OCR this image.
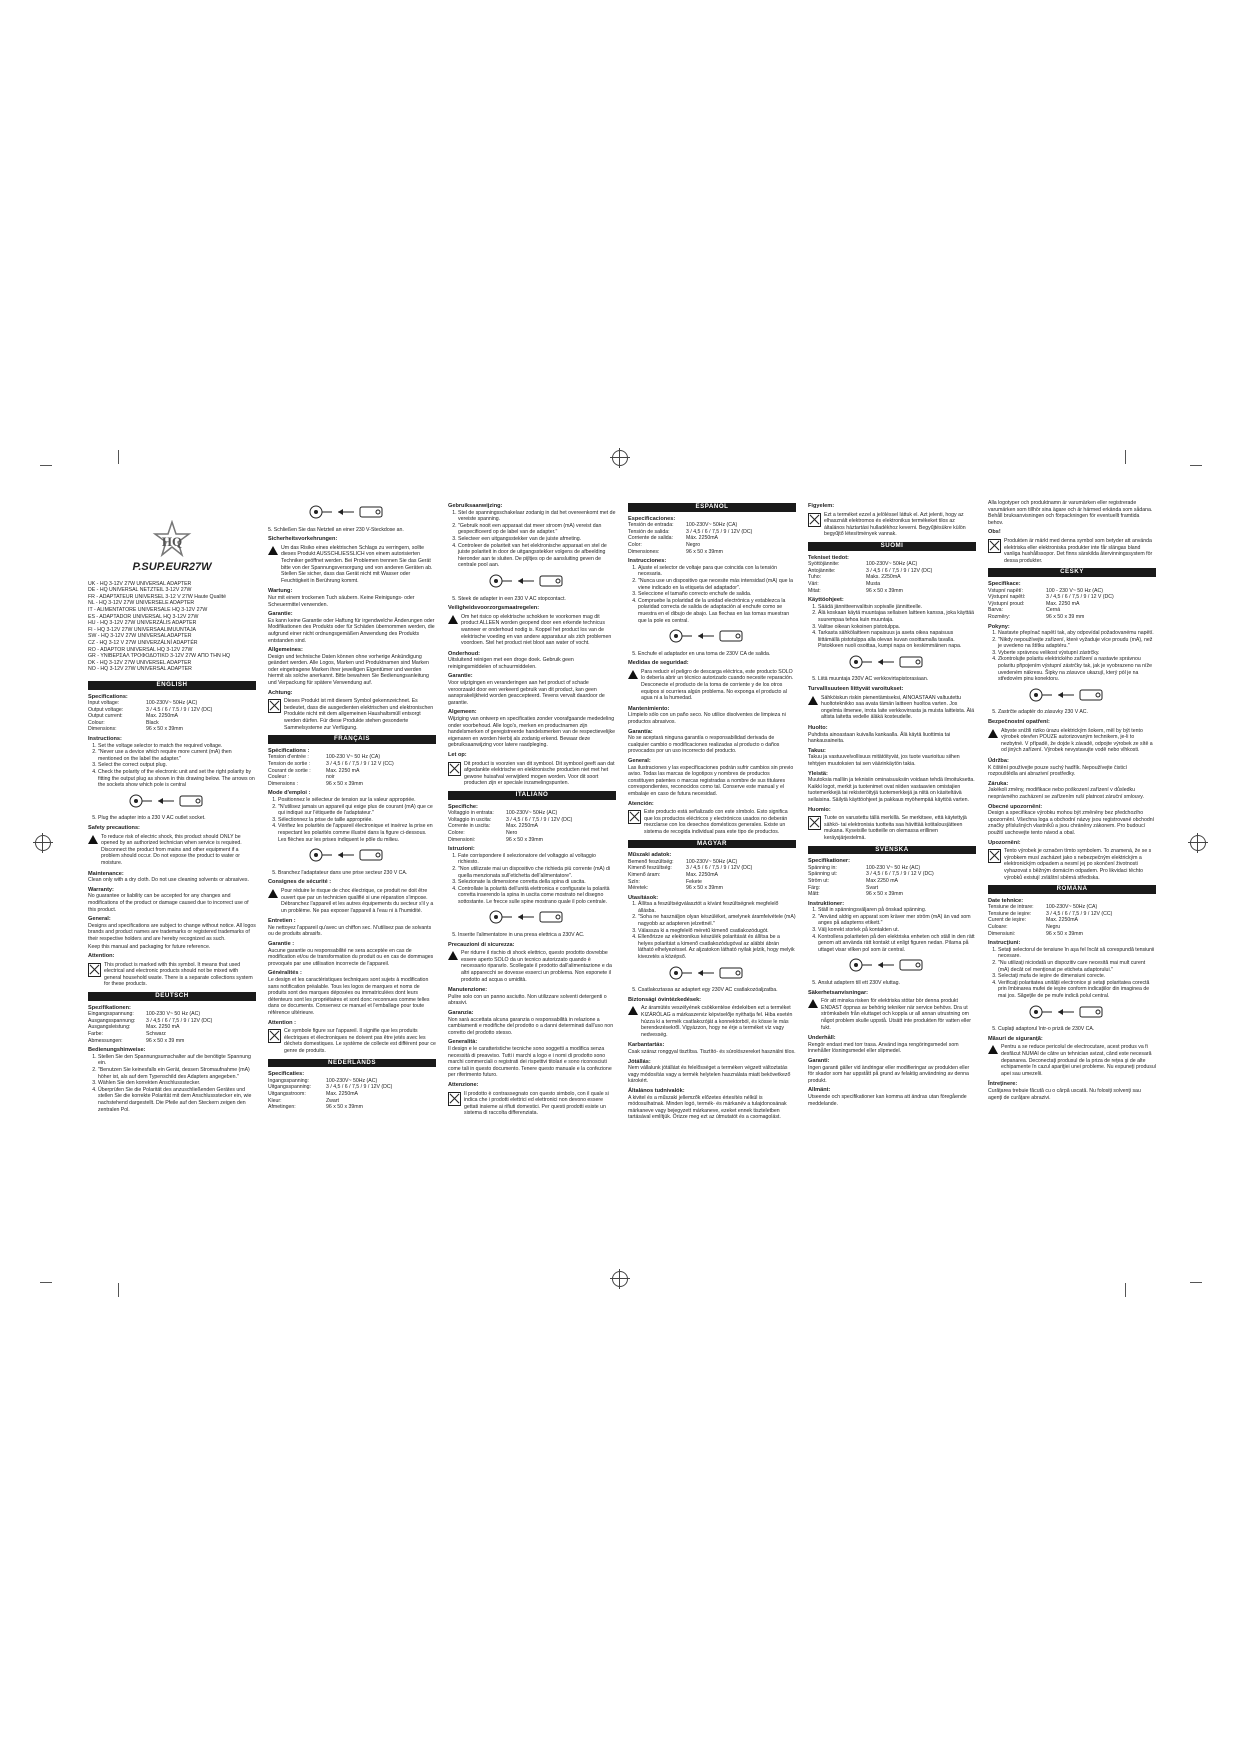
HQ
P.SUP.EUR27W
UK - HQ 3-12V 27W UNIVERSAL ADAPTER
DE - HQ UNIVERSAL NETZTEIL 3-12V 27W
FR - ADAPTATEUR UNIVERSEL 3-12 V 27W Haute Qualité
NL - HQ 3-12V 27W UNIVERSELE ADAPTER
IT - ALIMENTATORE UNIVERSALE HQ 3-12V 27W
ES - ADAPTADOR UNIVERSAL HQ 3-12V 27W
HU - HQ 3-12V 27W UNIVERZÁLIS ADAPTER
FI - HQ 3-12V 27W UNIVERSAALIMUUNTAJA
SW - HQ 3-12V 27W UNIVERSALADAPTER
CZ - HQ 3-12 V 27W UNIVERZÁLNÍ ADAPTÉR
RO - ADAPTOR UNIVERSAL HQ 3-12V 27W
GR - ΥΝΙΒΕΡΣΑΛ ΤΡΟΦΟΔΟΤΙΚΟ 3-12V 27W ΑΠΟ ΤΗΝ HQ
DK - HQ 3-12V 27W UNIVERSEL ADAPTER
NO - HQ 3-12V 27W UNIVERSAL ADAPTER
ENGLISH
Specifications:
Input voltage:	100-230V~ 50Hz (AC)
Output voltage:	3 / 4.5 / 6 / 7.5 / 9 / 12V (DC)
Output current:	Max. 2250mA
Colour:	Black
Dimensions:	96 x 50 x 39mm
Instructions:
1. Set the voltage selector to match the required voltage.
2. "Never use a device which require more current (mA) then mentioned on the label the adapter."
3. Select the correct output plug.
4. Check the polarity of the electronic unit and set the right polarity by fitting the output plug as shown in this drawing below. The arrows on the sockets show which pole is central
5. Plug the adapter into a 230 V AC outlet socket.
Safety precautions:

To reduce risk of electric shock, this product should ONLY be opened by an authorized technician when service is required. Disconnect the product from mains and other equipment if a problem should occur. Do not expose the product to water or moisture.

Maintenance:

Clean only with a dry cloth. Do not use cleaning solvents or abrasives.

Warranty:

No guarantee or liability can be accepted for any changes and modifications of the product or damage caused due to incorrect use of this product.

General:

Designs and specifications are subject to change without notice. All logos brands and product names are trademarks or registered trademarks of their respective holders and are hereby recognized as such.

Keep this manual and packaging for future reference.

Attention:

This product is marked with this symbol. It means that used electrical and electronic products should not be mixed with general household waste. There is a separate collections system for these products.

DEUTSCH
Spezifikationen:
Eingangsspannung:	100-230 V~ 50 Hz (AC)
Ausgangsspannung:	3 / 4,5 / 6 / 7,5 / 9 / 12V (DC)
Ausgangsleistung:	Max. 2250 mA
Farbe:	Schwarz
Abmessungen:	96 x 50 x 39 mm
Bedienungshinweise:
1. Stellen Sie den Spannungsumschalter auf die benötigte Spannung ein.
2. "Benutzen Sie keinesfalls ein Gerät, dessen Stromaufnahme (mA) höher ist, als auf dem Typenschild des Adapters angegeben."
3. Wählen Sie den korrekten Anschlussstecker.
4. Überprüfen Sie die Polarität des anzuschließenden Gerätes und stellen Sie die korrekte Polarität mit dem Anschlussstecker ein, wie nachstehend dargestellt. Die Pfeile auf den Steckern zeigen den zentralen Pol.

5. Schließen Sie das Netzteil an einer 230 V-Steckdose an.

Sicherheitsvorkehrungen:

Um das Risiko eines elektrischen Schlags zu verringern, sollte dieses Produkt AUSSCHLIESSLICH von einem autorisierten Techniker geöffnet werden. Bei Problemen trennen Sie das Gerät bitte von der Spannungsversorgung und von anderen Geräten ab. Stellen Sie sicher, dass das Gerät nicht mit Wasser oder Feuchtigkeit in Berührung kommt.

Wartung:

Nur mit einem trockenen Tuch säubern. Keine Reinigungs- oder Scheuermittel verwenden.

Garantie:

Es kann keine Garantie oder Haftung für irgendwelche Änderungen oder Modifikationen des Produkts oder für Schäden übernommen werden, die aufgrund einer nicht ordnungsgemäßen Anwendung des Produkts entstanden sind.

Allgemeines:

Design und technische Daten können ohne vorherige Ankündigung geändert werden. Alle Logos, Marken und Produktnamen sind Marken oder eingetragene Marken ihrer jeweiligen Eigentümer und werden hiermit als solche anerkannt. Bitte bewahren Sie Bedienungsanleitung und Verpackung für spätere Verwendung auf.

Achtung:

Dieses Produkt ist mit diesem Symbol gekennzeichnet. Es bedeutet, dass die ausgedienten elektrischen und elektronischen Produkte nicht mit dem allgemeinen Haushaltsmüll entsorgt werden dürfen. Für diese Produkte stehen gesonderte Sammelsysteme zur Verfügung.

FRANÇAIS
Spécifications :
Tension d'entrée :	100-230 V~ 50 Hz (CA)
Tension de sortie :	3 / 4,5 / 6 / 7,5 / 9 / 12 V (CC)
Courant de sortie :	Max. 2250 mA
Couleur :	noir
Dimensions :	96 x 50 x 39mm
Mode d'emploi :
1. Positionnez le sélecteur de tension sur la valeur appropriée.
2. "N'utilisez jamais un appareil qui exige plus de courant (mA) que ce qui indiqué sur l'étiquette de l'adaptateur."
3. Sélectionnez la prise de taille appropriée.
4. Vérifiez les polarités de l'appareil électronique et insérez la prise en respectant les polarités comme illustré dans la figure ci-dessous. Les flèches sur les prises indiquent le pôle du milieu.
5. Branchez l'adaptateur dans une prise secteur 230 V CA.
Consignes de sécurité :

Pour réduire le risque de choc électrique, ce produit ne doit être ouvert que par un technicien qualifié si une réparation s'impose. Débranchez l'appareil et les autres équipements du secteur s'il y a un problème. Ne pas exposer l'appareil à l'eau ni à l'humidité.

Entretien :

Ne nettoyez l'appareil qu'avec un chiffon sec. N'utilisez pas de solvants ou de produits abrasifs.

Garantie :

Aucune garantie ou responsabilité ne sera acceptée en cas de modification et/ou de transformation du produit ou en cas de dommages provoqués par une utilisation incorrecte de l'appareil.

Généralités :

Le design et les caractéristiques techniques sont sujets à modification sans notification préalable. Tous les logos de marques et noms de produits sont des marques déposées ou immatriculées dont leurs détenteurs sont les propriétaires et sont donc reconnues comme telles dans ce documents. Conservez ce manuel et l'emballage pour toute référence ultérieure.

Attention :

Ce symbole figure sur l'appareil. Il signifie que les produits électriques et électroniques ne doivent pas être jetés avec les déchets domestiques. Le système de collecte est différent pour ce genre de produits.

NEDERLANDS
Specificaties:
Ingangsspanning:	100-230V~ 50Hz (AC)
Uitgangsspanning:	3 / 4,5 / 6 / 7,5 / 9 / 12V (DC)
Uitgangsstroom:	Max. 2250mA
Kleur:	Zwart
Afmetingen:	96 x 50 x 39mm
Gebruiksaanwijzing:
1. Stel de spanningsschakelaar zodanig in dat het overeenkomt met de vereiste spanning.
2. "Gebruik nooit een apparaat dat meer stroom (mA) vereist dan gespecificeerd op de label van de adapter."
3. Selecteer een uitgangsstekker van de juiste afmeting.
4. Controleer de polariteit van het elektronische apparaat en stel de juiste polariteit in door de uitgangsstekker volgens de afbeelding hieronder aan te sluiten. De pijltjes op de aansluiting geven de centrale pool aan.
5. Steek de adapter in een 230 V AC stopcontact.
Veiligheidsvoorzorgsmaatregelen:

Om het risico op elektrische schokken te voorkomen mag dit product ALLEEN worden geopend door een erkende technicus wanneer er onderhoud nodig is. Koppel het product los van de elektrische voeding en van andere apparatuur als zich problemen voordoen. Stel het product niet bloot aan water of vocht.

Onderhoud:

Uitsluitend reinigen met een droge doek. Gebruik geen reinigingsmiddelen of schuurmiddelen.

Garantie:

Voor wijzigingen en veranderingen aan het product of schade veroorzaakt door een verkeerd gebruik van dit product, kan geen aansprakelijkheid worden geaccepteerd. Tevens vervalt daardoor de garantie.

Algemeen:

Wijziging van ontwerp en specificaties zonder voorafgaande mededeling onder voorbehoud. Alle logo's, merken en productnamen zijn handelsmerken of geregistreerde handelsmerken van de respectievelijke eigenaren en worden hierbij als zodanig erkend. Bewaar deze gebruiksaanwijzing voor latere raadpleging.

Let op:

Dit product is voorzien van dit symbool. Dit symbool geeft aan dat afgedankte elektrische en elektronische producten niet met het gewone huisafval verwijderd mogen worden. Voor dit soort producten zijn er speciale inzamelingspunten.

ITALIANO
Specifiche:
Voltaggio in entrata:	100-230V~ 50Hz (AC)
Voltaggio in uscita:	3 / 4,5 / 6 / 7,5 / 9 / 12V (DC)
Corrente in uscita:	Max. 2250mA
Colore:	Nero
Dimensioni:	96 x 50 x 39mm
Istruzioni:
1. Fate corrispondere il selezionatore del voltaggio al voltaggio richiesto.
2. "Non utilizzate mai un dispositivo che richieda più corrente (mA) di quella menzionata sull'etichetta dell'alimentatore".
3. Selezionate la dimensione corretta della spina di uscita.
4. Controllate la polarità dell'unità elettronica e configurate la polarità corretta inserendo la spina in uscita come mostrato nel disegno sottostante. Le frecce sulle spine mostrano quale il polo centrale.
5. Inserite l'alimentatore in una presa elettrica a 230V AC.
Precauzioni di sicurezza:

Per ridurre il rischio di shock elettrico, questo prodotto dovrebbe essere aperto SOLO da un tecnico autorizzato quando è necessario ripararlo. Scollegate il prodotto dall'alimentazione e da altri apparecchi se dovesse esserci un problema. Non esponete il prodotto ad acqua o umidità.

Manutenzione:

Pulire solo con un panno asciutto. Non utilizzare solventi detergenti o abrasivi.

Garanzia:

Non sarà accettata alcuna garanzia o responsabilità in relazione a cambiamenti e modifiche del prodotto o a danni determinati dall'uso non corretto del prodotto stesso.

Generalità:

Il design e le caratteristiche tecniche sono soggetti a modifica senza necessità di preavviso. Tutti i marchi a logo e i nomi di prodotto sono marchi commerciali o registrati dei rispettivi titolari e sono riconosciuti come tali in questo documento. Tenere questo manuale e la confezione per riferimento futuro.

Attenzione:

Il prodotto è contrassegnato con questo simbolo, con il quale si indica che i prodotti elettrici ed elettronici non devono essere gettati insieme ai rifiuti domestici. Per questi prodotti esiste un sistema di raccolta differenziata.

ESPAÑOL
Especificaciones:
Tensión de entrada:	100-230V~ 50Hz (CA)
Tensión de salida:	3 / 4,5 / 6 / 7,5 / 9 / 12V (DC)
Corriente de salida:	Máx. 2250mA
Color:	Negro
Dimensiones:	96 x 50 x 39mm
Instrucciones:
1. Ajuste el selector de voltaje para que coincida con la tensión necesaria.
2. "Nunca use un dispositivo que necesite más intensidad (mA) que la viene indicado en la etiqueta del adaptador".
3. Seleccione el tamaño correcto enchufe de salida.
4. Compruebe la polaridad de la unidad electrónica y establezca la polaridad correcta de salida de adaptación al enchufe como se muestra en el dibujo de abajo. Las flechas en las tomas muestran que la pole es central.
5. Enchufe el adaptador en una toma de 230V CA de salida.
Medidas de seguridad:

Para reducir el peligro de descarga eléctrica, este producto SOLO lo debería abrir un técnico autorizado cuando necesite reparación. Desconecte el producto de la toma de corriente y de los otros equipos si ocurriera algún problema. No exponga el producto al agua ni a la humedad.

Mantenimiento:

Límpielo sólo con un paño seco. No utilice disolventes de limpieza ni productos abrasivos.

Garantía:

No se aceptará ninguna garantía o responsabilidad derivada de cualquier cambio o modificaciones realizadas al producto o daños provocados por un uso incorrecto del producto.

General:

Las ilustraciones y las especificaciones podrán sufrir cambios sin previo aviso. Todas las marcas de logotipos y nombres de productos constituyen patentes o marcas registradas a nombre de sus titulares correspondientes, reconocidos como tal. Conserve este manual y el embalaje en caso de futura necesidad.

Atención:

Este producto está señalizado con este símbolo. Esto significa que los productos eléctricos y electrónicos usados no deberán mezclarse con los desechos domésticos generales. Existe un sistema de recogida individual para este tipo de productos.

MAGYAR
Műszaki adatok:
Bemenő feszültség:	100-230V~ 50Hz (AC)
Kimenő feszültség:	3 / 4,5 / 6 / 7,5 / 9 / 12V (DC)
Kimenő áram:	Max. 2250mA
Szín:	Fekete
Méretek:	96 x 50 x 39mm
Utasítások:
1. Állítsa a feszültségválasztót a kívánt feszültségnek megfelelő állásba.
2. "Soha ne használjon olyan készüléket, amelynek áramfelvétele (mA) nagyobb az adapteren jelzettnél."
3. Válassza ki a megfelelő méretű kimenő csatlakozódugót.
4. Ellenőrizze az elektronikus készülék polaritását és állítsa be a helyes polaritást a kimenő csatlakozódugóval az alábbi ábrán látható elhelyezéssel. Az aljzatokon látható nyilak jelzik, hogy melyik kivezetés a középső.
5. Csatlakoztassa az adaptert egy 230V AC csatlakozóaljzatba.
Biztonsági óvintézkedések:

Az áramütés veszélyének csökkentése érdekében ezt a terméket KIZÁRÓLAG a márkaszerviz képviselője nyithatja fel. Hiba esetén húzza ki a termék csatlakozóját a konnektorból, és kösse le más berendezésekről. Vigyázzon, hogy ne érje a terméket víz vagy nedvesség.

Karbantartás:

Csak száraz ronggyal tisztítsa. Tisztító- és súrolószereket használni tilos.

Jótállás:

Nem vállalunk jótállást és felelősséget a terméken végzett változtatás vagy módosítás vagy a termék helytelen használata miatt bekövetkező károkért.

Általános tudnivalók:

A kivitel és a műszaki jellemzők előzetes értesítés nélkül is módosulhatnak. Minden logó, termék- és márkanév a tulajdonosának márkaneve vagy bejegyzett márkaneve, ezeket ennek tiszteletben tartásával említjük. Őrizze meg ezt az útmutatót és a csomagolást.

Figyelem:

Ezt a terméket ezzel a jelöléssel láttuk el. Azt jelenti, hogy az elhasznált elektromos és elektronikus termékeket tilos az általános háztartási hulladékhoz keverni. Begyűjtésükre külön begyűjtő létesítmények vannak.

SUOMI
Tekniset tiedot:
Syöttöjännite:	100-230V~ 50Hz (AC)
Antojännite:	3 / 4,5 / 6 / 7,5 / 9 / 12V (DC)
Tuho:	Maks. 2250mA
Väri:	Musta
Mitat:	96 x 50 x 39mm
Käyttöohjeet:
1. Säädä jännitteenvalitsin sopivalle jännitteelle.
2. Älä koskaan käytä muuntajaa sellaisen laitteen kanssa, joka käyttää suurempaa tehoa kuin muuntaja.
3. Valitse oikean kokoinen pistotulppa.
4. Tarkasta sähkölaitteen napaisuus ja aseta oikea napaisuus liittämällä pistotulppa alla olevan kuvan osoittamalla tavalla. Pistokkeen nuoli osoittaa, kumpi napa on keskimmäinen napa.
5. Liitä muuntaja 230V AC verkkovirtapistorasiaan.
Turvallisuuteen liittyvät varoitukset:

Sähköiskun riskin pienentämiseksi, AINOASTAAN valtuutettu huoltoteknikko saa avata tämän laitteen huoltoa varten. Jos ongelmia ilmenee, irrota laite verkkovirrasta ja muista laitteista. Älä altista laitetta vedelle äläkä kosteudelle.

Huolto:

Puhdista ainoastaan kuivalla kankaalla. Älä käytä liuottimia tai hankausaineita.

Takuu:

Takuu ja vastuuvelvollisuus mitätöityvät, jos tuote vaurioituu siihen tehtyjen muutoksien tai sen väärinkäytön takia.

Yleistä:

Muutoksia malliin ja teknisiin ominaisuuksiin voidaan tehdä ilmoituksetta. Kaikki logot, merkit ja tuotenimet ovat niiden vastaavien omistajien tuotemerkkejä tai rekisteröityjä tuotemerkkejä ja niitä on käsiteltävä sellaisina. Säilytä käyttöohjeet ja pakkaus myöhempää käyttöä varten.

Huomio:

Tuote on varustettu tällä merkillä. Se merkitsee, että käytettyjä sähkö- tai elektronisia tuotteita saa hävittää kotitalousjätteen mukana. Kyseisille tuotteille on olemassa erillinen keräysjärjestelmä.

SVENSKA
Specifikationer:
Spänning in:	100-230 V~ 50 Hz (AC)
Spänning ut:	3 / 4,5 / 6 / 7,5 / 9 / 12 V (DC)
Ström ut:	Max 2250 mA
Färg:	Svart
Mått:	96 x 50 x 39mm
Instruktioner:
1. Ställ in spänningsväljaren på önskad spänning.
2. "Använd aldrig en apparat som kräver mer ström (mA) än vad som anges på adapterns etikett."
3. Välj korrekt storlek på kontakten ut.
4. Kontrollera polariteten på den elektriska enheten och ställ in den rätt genom att använda rätt kontakt ut enligt figuren nedan. Pilarna på uttaget visar vilken pol som är central.
5. Anslut adaptern till ett 230V eluttag.
Säkerhetsanvisningar:

För att minska risken för elektriska stötar bör denna produkt ENDAST öppnas av behörig tekniker när service behövs. Dra ut strömkabeln från eluttaget och koppla ur all annan utrustning om något problem skulle uppstå. Utsätt inte produkten för vatten eller fukt.

Underhåll:

Rengör endast med torr trasa. Använd inga rengöringsmedel som innehåller lösningsmedel eller slipmedel.

Garanti:

Ingen garanti gäller vid ändringar eller modifieringar av produkten eller för skador som har uppstått på grund av felaktig användning av denna produkt.

Allmänt:

Utseende och specifikationer kan komma att ändras utan föregående meddelande.

Alla logotyper och produktnamn är varumärken eller registrerade varumärken som tillhör sina ägare och är härmed erkända som sådana. Behåll bruksanvisningen och förpackningen för eventuellt framtida behov.

Obs!

Produkten är märkt med denna symbol som betyder att använda elektriska eller elektroniska produkter inte får slängas bland vanliga hushållssopor. Det finns särskilda återvinningssystem för dessa produkter.

ČESKY
Specifikace:
Vstupní napětí:	100 - 230 V~ 50 Hz (AC)
Výstupní napětí:	3 / 4,5 / 6 / 7,5 / 9 / 12 V (DC)
Výstupní proud:	Max. 2250 mA
Barva:	Černá
Rozměry:	96 x 50 x 39 mm
Pokyny:
1. Nastavte přepínač napětí tak, aby odpovídal požadovanému napětí.
2. "Nikdy nepoužívejte zařízení, které vyžaduje více proudu (mA), než je uvedeno na štítku adaptéru."
3. Vyberte správnou velikost výstupní zástrčky.
4. Zkontrolujte polaritu elektrického zařízení a nastavte správnou polaritu připojením výstupní zástrčky tak, jak je vyobrazeno na níže uvedeném nákresu. Šipky na zásuvce ukazují, který pól je na středovém pinu konektoru.
5. Zastrčte adaptér do zásuvky 230 V AC.
Bezpečnostní opatření:

Abyste snížili riziko úrazu elektrickým šokem, měl by být tento výrobek otevřen POUZE autorizovaným technikem, je-li to nezbytné. V případě, že dojde k závadě, odpojte výrobek ze sítě a od jiných zařízení. Výrobek nevystavujte vodě nebo vlhkosti.

Údržba:

K čištění používejte pouze suchý hadřík. Nepoužívejte čisticí rozpouštědla ani abrazivní prostředky.

Záruka:

Jakékoli změny, modifikace nebo poškození zařízení v důsledku nesprávného zacházení se zařízením ruší platnost záruční smlouvy.

Obecné upozornění:

Design a specifikace výrobku mohou být změněny bez předchozího upozornění. Všechna loga a obchodní názvy jsou registrované obchodní značky příslušných vlastníků a jsou chráněny zákonem. Pro budoucí použití uschovejte tento návod a obal.

Upozornění:

Tento výrobek je označen tímto symbolem. To znamená, že se s výrobkem musí zacházet jako s nebezpečným elektrickým a elektronickým odpadem a nesmí jej po skončení životnosti vyhazovat s běžným domácím odpadem. Pro likvidaci těchto výrobků existují zvláštní sběrná střediska.

ROMÂNĂ
Date tehnice:
Tensiune de intrare:	100-230V~ 50Hz (CA)
Tensiune de ieşire:	3 / 4,5 / 6 / 7,5 / 9 / 12V (CC)
Curent de ieşire:	Max. 2250mA
Culoare:	Negru
Dimensiuni:	96 x 50 x 39mm
Instrucţiuni:
1. Setaţi selectorul de tensiune în aşa fel încât să corespundă tensiunii necesare.
2. "Nu utilizaţi niciodată un dispozitiv care necesită mai mult curent (mA) decât cel menţionat pe eticheta adaptorului."
3. Selectaţi mufa de ieşire de dimensiuni corecte.
4. Verificaţi polaritatea unităţii electronice şi setaţi polaritatea corectă prin îmbinarea mufei de ieşire conform indicaţiilor din imaginea de mai jos. Săgeţile de pe mufe indică polul central.
5. Cuplaţi adaptorul într-o priză de 230V CA.
Măsuri de siguranţă:

Pentru a se reduce pericolul de electrocutare, acest produs va fi desfăcut NUMAI de către un tehnician avizat, când este necesară depanarea. Deconectaţi produsul de la priza de reţea şi de alte echipamente în cazul apariţiei unei probleme. Nu expuneţi produsul apei sau umezelii.

Întreţinere:

Curăţarea trebuie făcută cu o cârpă uscată. Nu folosiţi solvenţi sau agenţi de curăţare abrazivi.
